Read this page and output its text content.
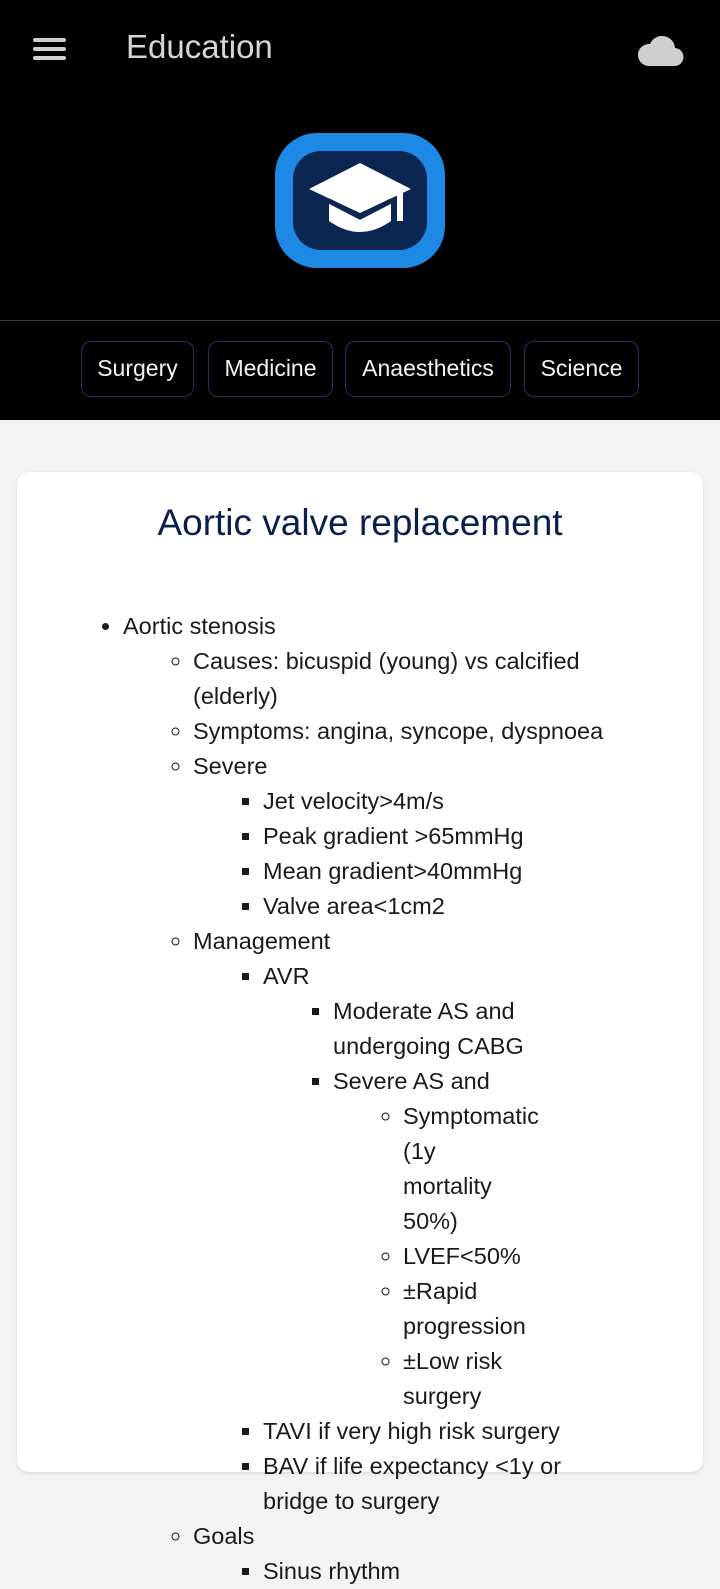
Education
Surgery	Medicine	Anaesthetics	Science
Aortic valve replacement
• Aortic stenosis
◦ Causes: bicuspid (young) vs calcified (elderly)
◦ Symptoms: angina, syncope, dyspnoea
◦ Severe
▪ Jet velocity>4m/s
▪ Peak gradient >65mmHg
▪ Mean gradient>40mmHg
▪ Valve area<1cm2
◦ Management
▪ AVR
▪ Moderate AS and undergoing CABG
▪ Severe AS and
◦ Symptomatic (1y mortality 50%)
◦ LVEF<50%
◦ ±Rapid progression
◦ ±Low risk surgery
▪ TAVI if very high risk surgery
▪ BAV if life expectancy <1y or bridge to surgery
◦ Goals
▪ Sinus rhythm
